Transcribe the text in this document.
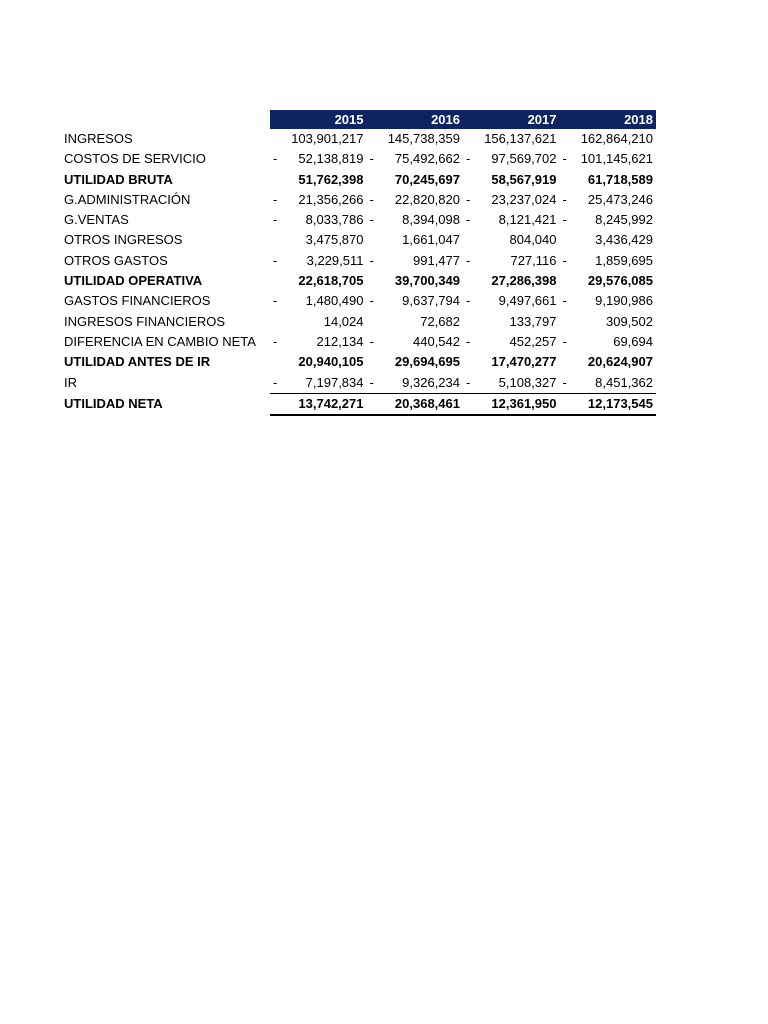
	2015	2016	2017	2018
INGRESOS	103,901,217	145,738,359	156,137,621	162,864,210
COSTOS DE SERVICIO	- 52,138,819	- 75,492,662	- 97,569,702	- 101,145,621
UTILIDAD BRUTA	51,762,398	70,245,697	58,567,919	61,718,589
G.ADMINISTRACIÓN	- 21,356,266	- 22,820,820	- 23,237,024	- 25,473,246
G.VENTAS	- 8,033,786	- 8,394,098	- 8,121,421	- 8,245,992
OTROS INGRESOS	3,475,870	1,661,047	804,040	3,436,429
OTROS GASTOS	- 3,229,511	- 991,477	- 727,116	- 1,859,695
UTILIDAD OPERATIVA	22,618,705	39,700,349	27,286,398	29,576,085
GASTOS FINANCIEROS	- 1,480,490	- 9,637,794	- 9,497,661	- 9,190,986
INGRESOS FINANCIEROS	14,024	72,682	133,797	309,502
DIFERENCIA EN CAMBIO NETA	- 212,134	- 440,542	- 452,257	- 69,694
UTILIDAD ANTES DE IR	20,940,105	29,694,695	17,470,277	20,624,907
IR	- 7,197,834	- 9,326,234	- 5,108,327	- 8,451,362
UTILIDAD NETA	13,742,271	20,368,461	12,361,950	12,173,545
